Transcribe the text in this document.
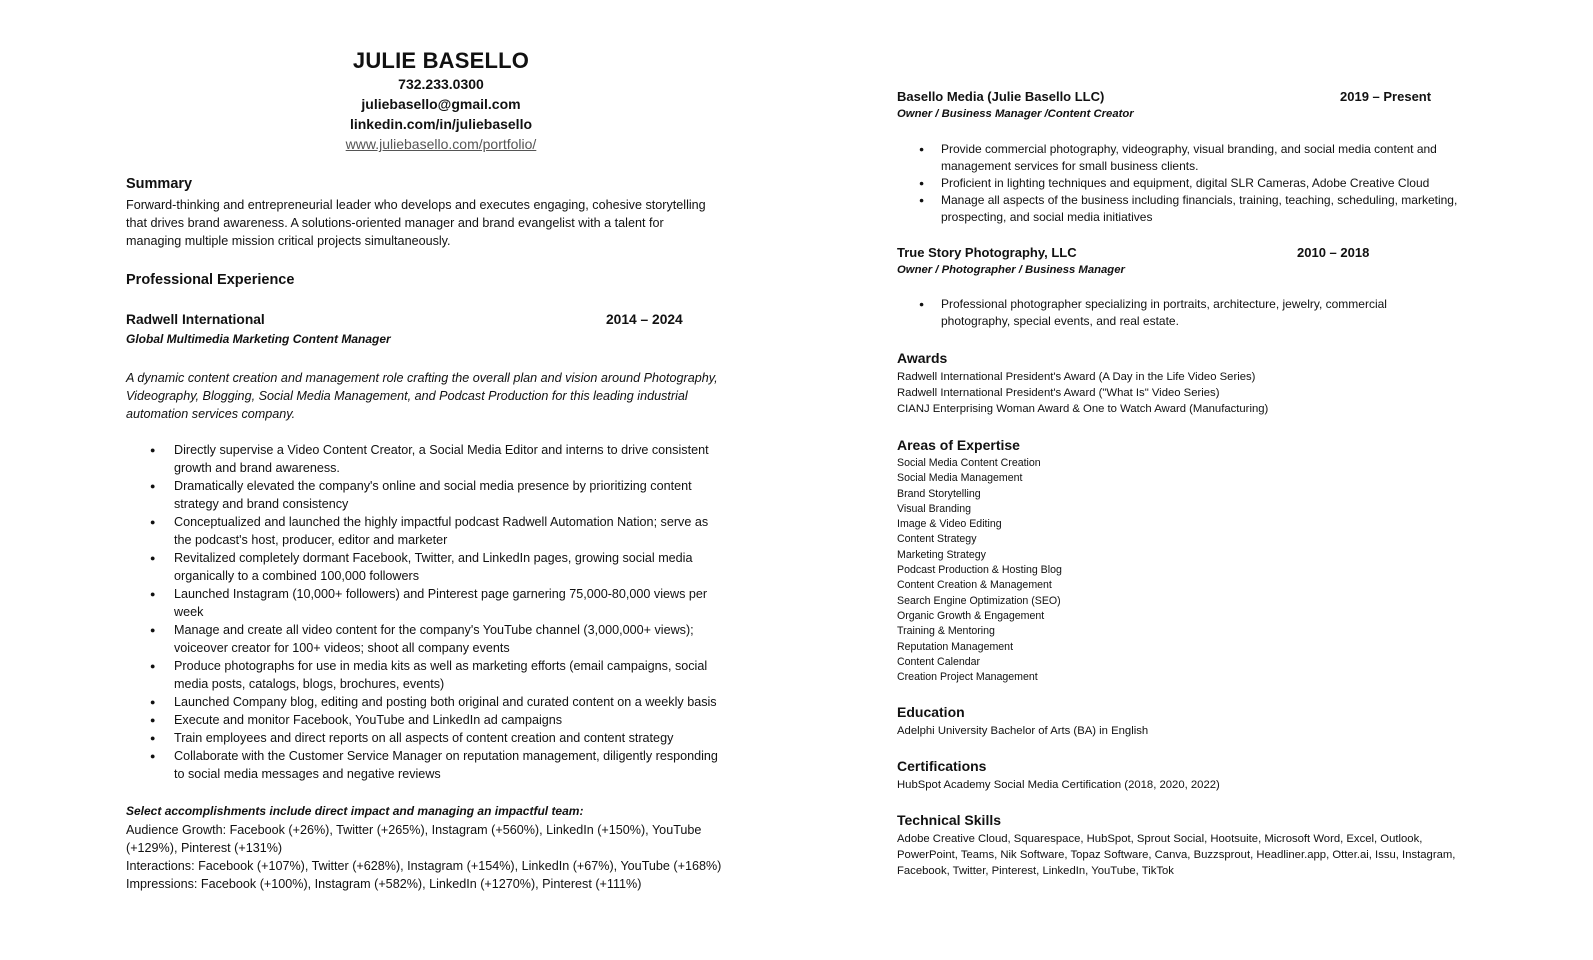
JULIE BASELLO
732.233.0300
juliebasello@gmail.com
linkedin.com/in/juliebasello
www.juliebasello.com/portfolio/
Summary
Forward-thinking and entrepreneurial leader who develops and executes engaging, cohesive storytelling
that drives brand awareness. A solutions-oriented manager and brand evangelist with a talent for
managing multiple mission critical projects simultaneously.
Professional Experience
Radwell International	2014 – 2024
Global Multimedia Marketing Content Manager
A dynamic content creation and management role crafting the overall plan and vision around Photography,
Videography, Blogging, Social Media Management, and Podcast Production for this leading industrial
automation services company.
● Directly supervise a Video Content Creator, a Social Media Editor and interns to drive consistent
growth and brand awareness.
● Dramatically elevated the company's online and social media presence by prioritizing content
strategy and brand consistency
● Conceptualized and launched the highly impactful podcast Radwell Automation Nation; serve as
the podcast's host, producer, editor and marketer
● Revitalized completely dormant Facebook, Twitter, and LinkedIn pages, growing social media
organically to a combined 100,000 followers
● Launched Instagram (10,000+ followers) and Pinterest page garnering 75,000-80,000 views per
week
● Manage and create all video content for the company's YouTube channel (3,000,000+ views);
voiceover creator for 100+ videos; shoot all company events
● Produce photographs for use in media kits as well as marketing efforts (email campaigns, social
media posts, catalogs, blogs, brochures, events)
● Launched Company blog, editing and posting both original and curated content on a weekly basis
● Execute and monitor Facebook, YouTube and LinkedIn ad campaigns
● Train employees and direct reports on all aspects of content creation and content strategy
● Collaborate with the Customer Service Manager on reputation management, diligently responding
to social media messages and negative reviews
Select accomplishments include direct impact and managing an impactful team:
Audience Growth: Facebook (+26%), Twitter (+265%), Instagram (+560%), LinkedIn (+150%), YouTube
(+129%), Pinterest (+131%)
Interactions: Facebook (+107%), Twitter (+628%), Instagram (+154%), LinkedIn (+67%), YouTube (+168%)
Impressions: Facebook (+100%), Instagram (+582%), LinkedIn (+1270%), Pinterest (+111%)
Basello Media (Julie Basello LLC)	2019 – Present
Owner / Business Manager /Content Creator
● Provide commercial photography, videography, visual branding, and social media content and
management services for small business clients.
● Proficient in lighting techniques and equipment, digital SLR Cameras, Adobe Creative Cloud
● Manage all aspects of the business including financials, training, teaching, scheduling, marketing,
prospecting, and social media initiatives
True Story Photography, LLC	2010 – 2018
Owner / Photographer / Business Manager
● Professional photographer specializing in portraits, architecture, jewelry, commercial
photography, special events, and real estate.
Awards
Radwell International President's Award (A Day in the Life Video Series)
Radwell International President's Award ("What Is" Video Series)
CIANJ Enterprising Woman Award & One to Watch Award (Manufacturing)
Areas of Expertise
Social Media Content Creation
Social Media Management
Brand Storytelling
Visual Branding
Image & Video Editing
Content Strategy
Marketing Strategy
Podcast Production & Hosting Blog
Content Creation & Management
Search Engine Optimization (SEO)
Organic Growth & Engagement
Training & Mentoring
Reputation Management
Content Calendar
Creation Project Management
Education
Adelphi University Bachelor of Arts (BA) in English
Certifications
HubSpot Academy Social Media Certification (2018, 2020, 2022)
Technical Skills
Adobe Creative Cloud, Squarespace, HubSpot, Sprout Social, Hootsuite, Microsoft Word, Excel, Outlook,
PowerPoint, Teams, Nik Software, Topaz Software, Canva, Buzzsprout, Headliner.app, Otter.ai, Issu, Instagram,
Facebook, Twitter, Pinterest, LinkedIn, YouTube, TikTok
